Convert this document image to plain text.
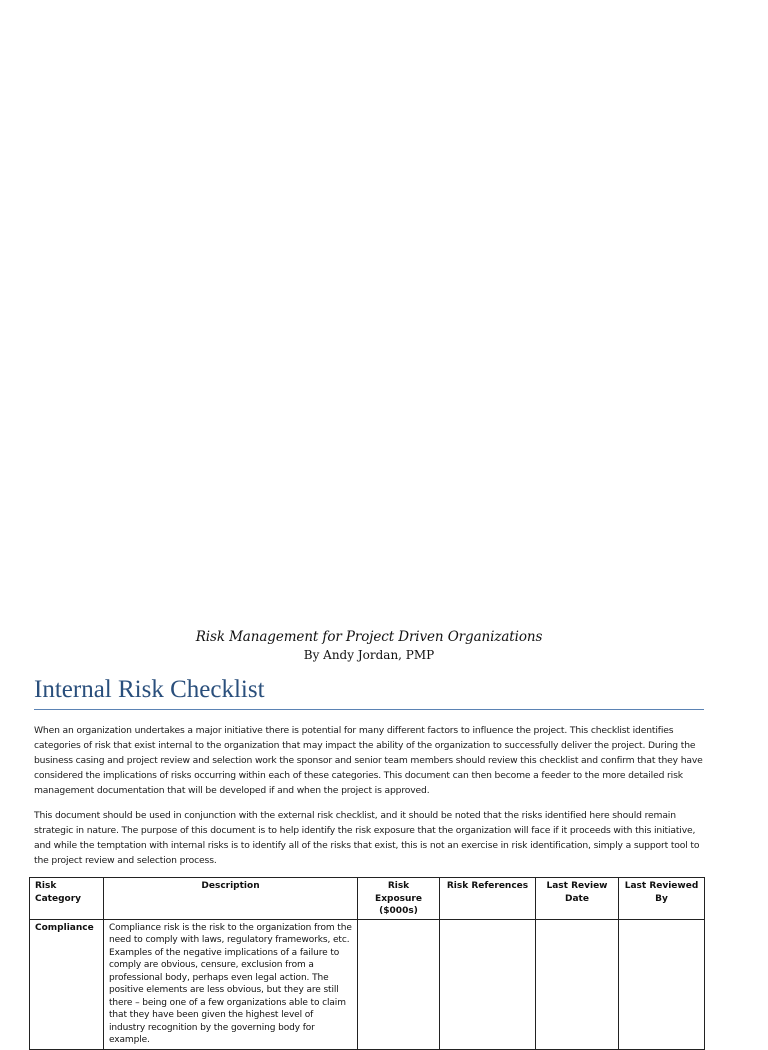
Risk Management for Project Driven Organizations
By Andy Jordan, PMP
Internal Risk Checklist
When an organization undertakes a major initiative there is potential for many different factors to influence the project. This checklist identifies categories of risk that exist internal to the organization that may impact the ability of the organization to successfully deliver the project. During the business casing and project review and selection work the sponsor and senior team members should review this checklist and confirm that they have considered the implications of risks occurring within each of these categories. This document can then become a feeder to the more detailed risk management documentation that will be developed if and when the project is approved.
This document should be used in conjunction with the external risk checklist, and it should be noted that the risks identified here should remain strategic in nature. The purpose of this document is to help identify the risk exposure that the organization will face if it proceeds with this initiative, and while the temptation with internal risks is to identify all of the risks that exist, this is not an exercise in risk identification, simply a support tool to the project review and selection process.
Risk Category	Description	Risk Exposure ($000s)	Risk References	Last Review Date	Last Reviewed By
Compliance	Compliance risk is the risk to the organization from the need to comply with laws, regulatory frameworks, etc. Examples of the negative implications of a failure to comply are obvious, censure, exclusion from a professional body, perhaps even legal action. The positive elements are less obvious, but they are still there – being one of a few organizations able to claim that they have been given the highest level of industry recognition by the governing body for example.				
